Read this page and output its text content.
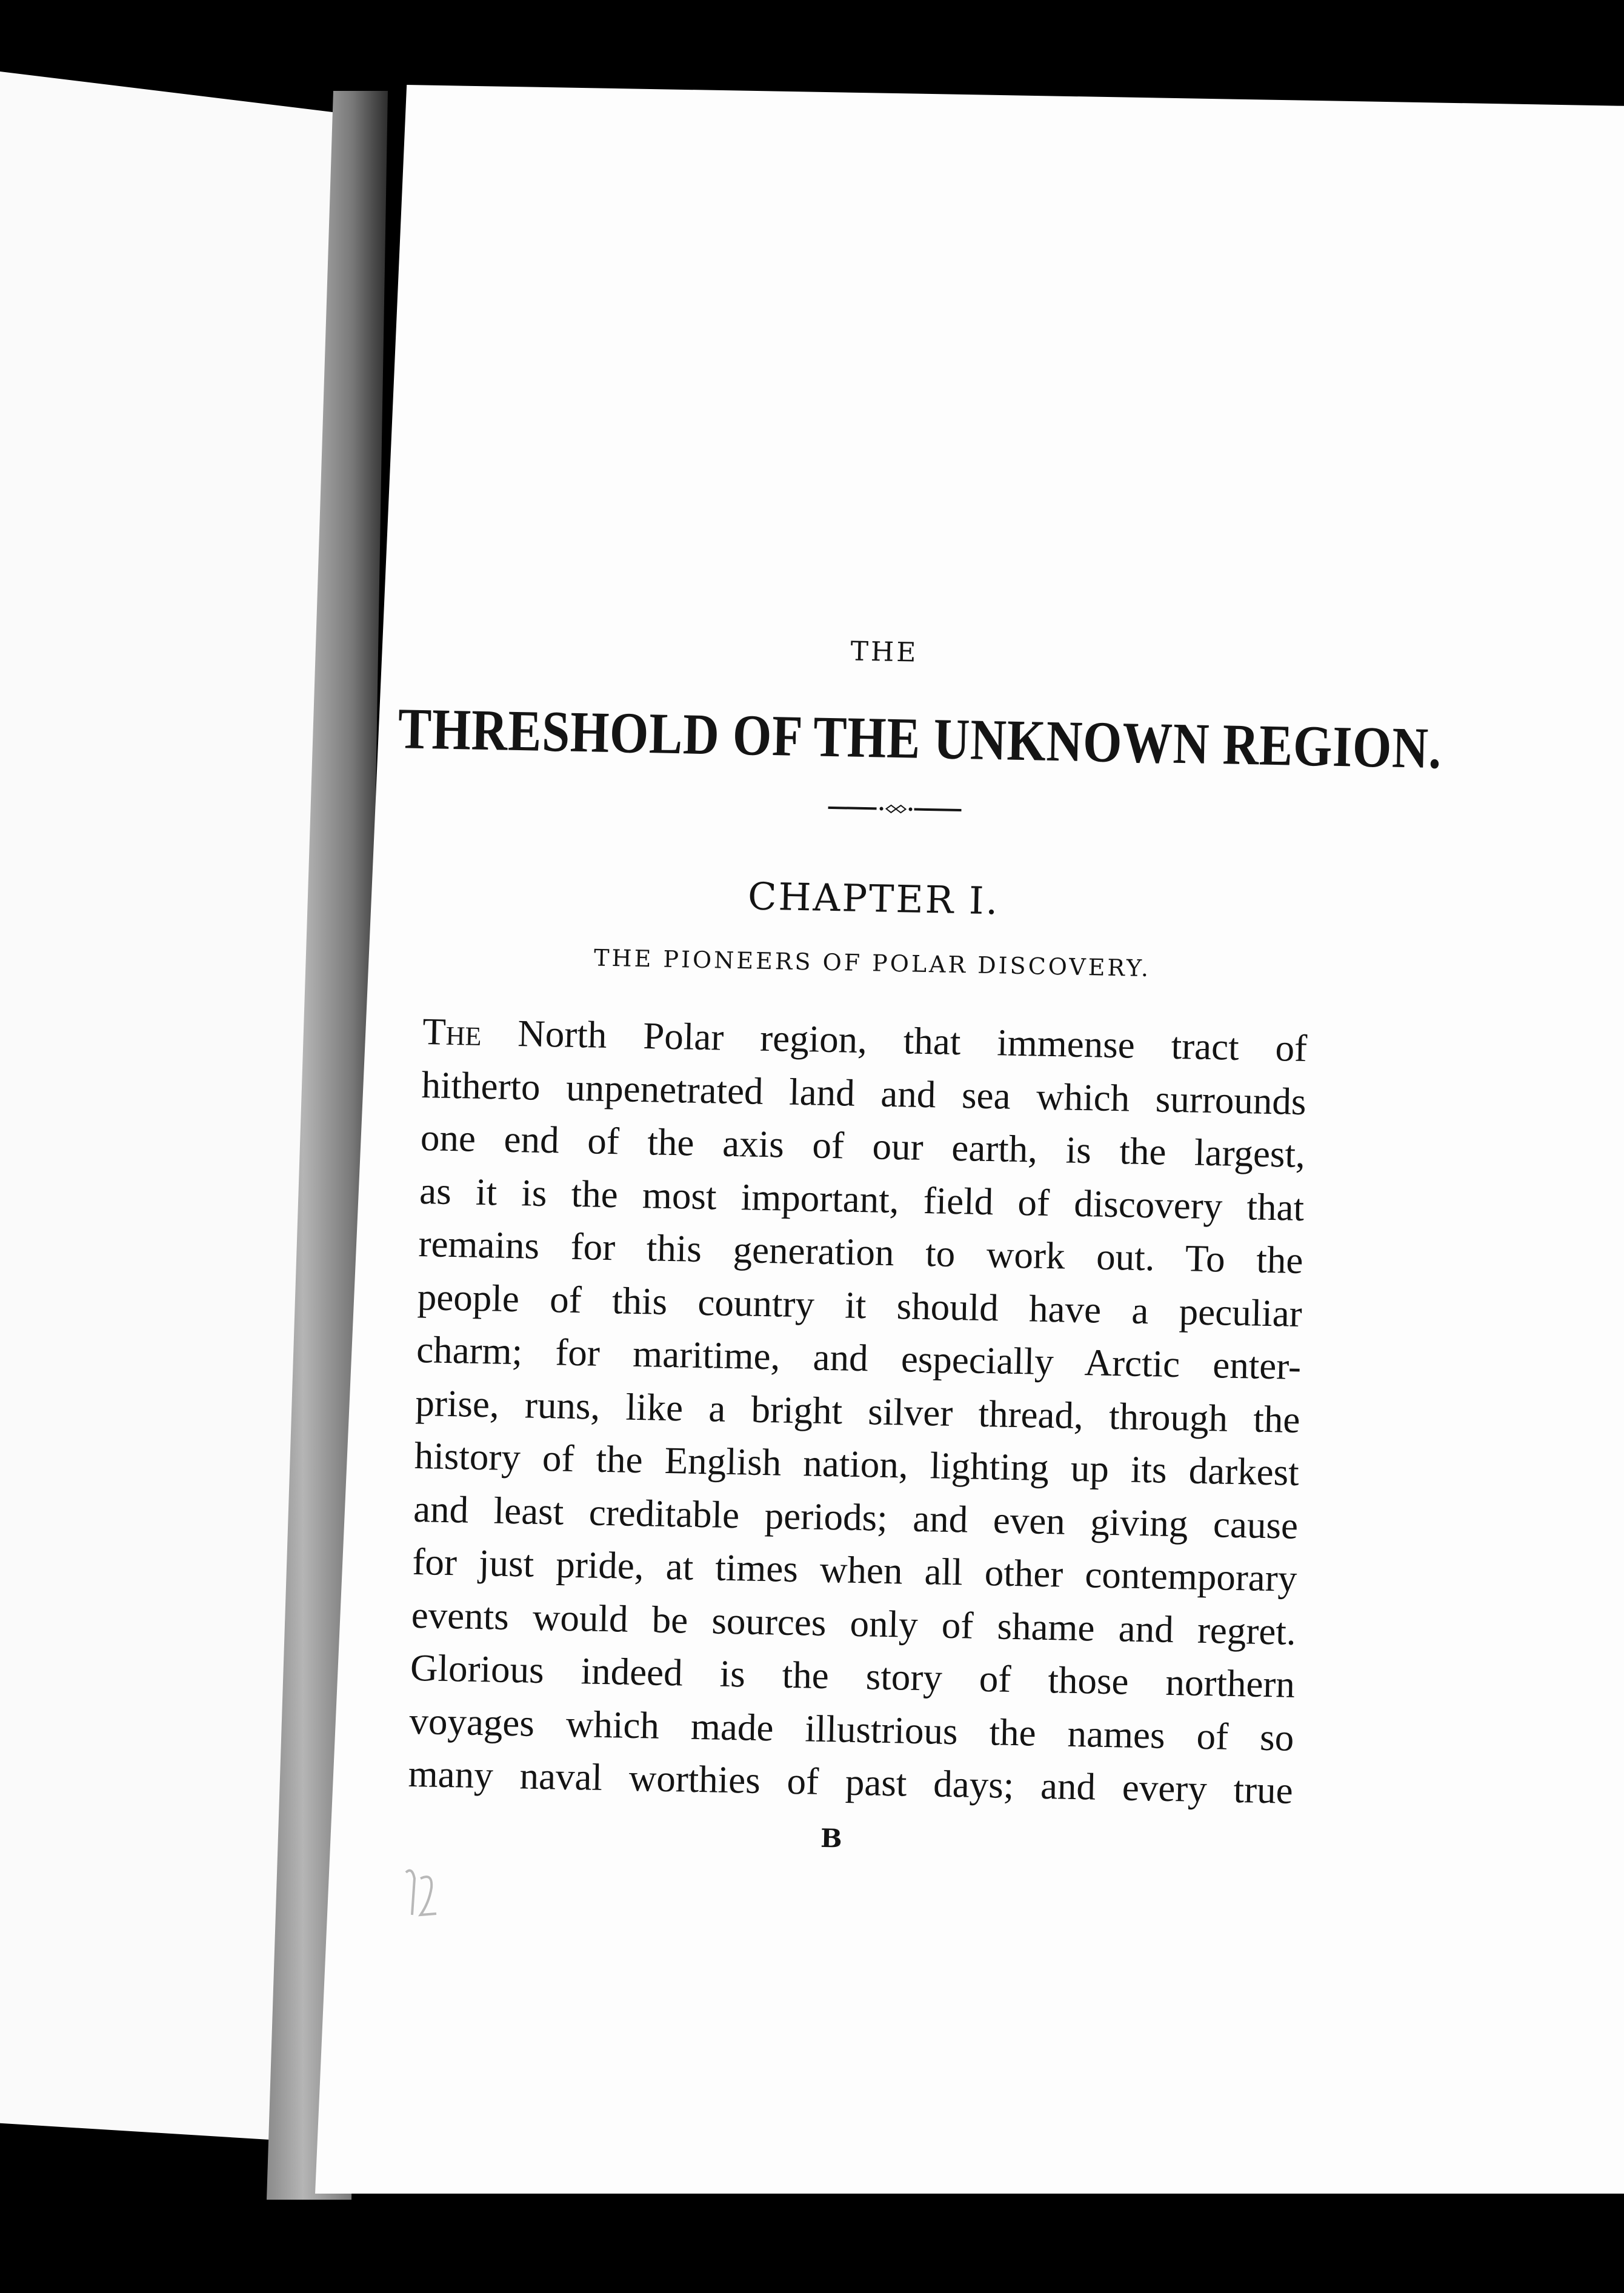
THE
THRESHOLD OF THE UNKNOWN REGION.
CHAPTER I.
THE PIONEERS OF POLAR DISCOVERY.
The North Polar region, that immense tract of
hitherto unpenetrated land and sea which surrounds
one end of the axis of our earth, is the largest,
as it is the most important, field of discovery that
remains for this generation to work out. To the
people of this country it should have a peculiar
charm; for maritime, and especially Arctic enter-
prise, runs, like a bright silver thread, through the
history of the English nation, lighting up its darkest
and least creditable periods; and even giving cause
for just pride, at times when all other contemporary
events would be sources only of shame and regret.
Glorious indeed is the story of those northern
voyages which made illustrious the names of so
many naval worthies of past days; and every true
B
